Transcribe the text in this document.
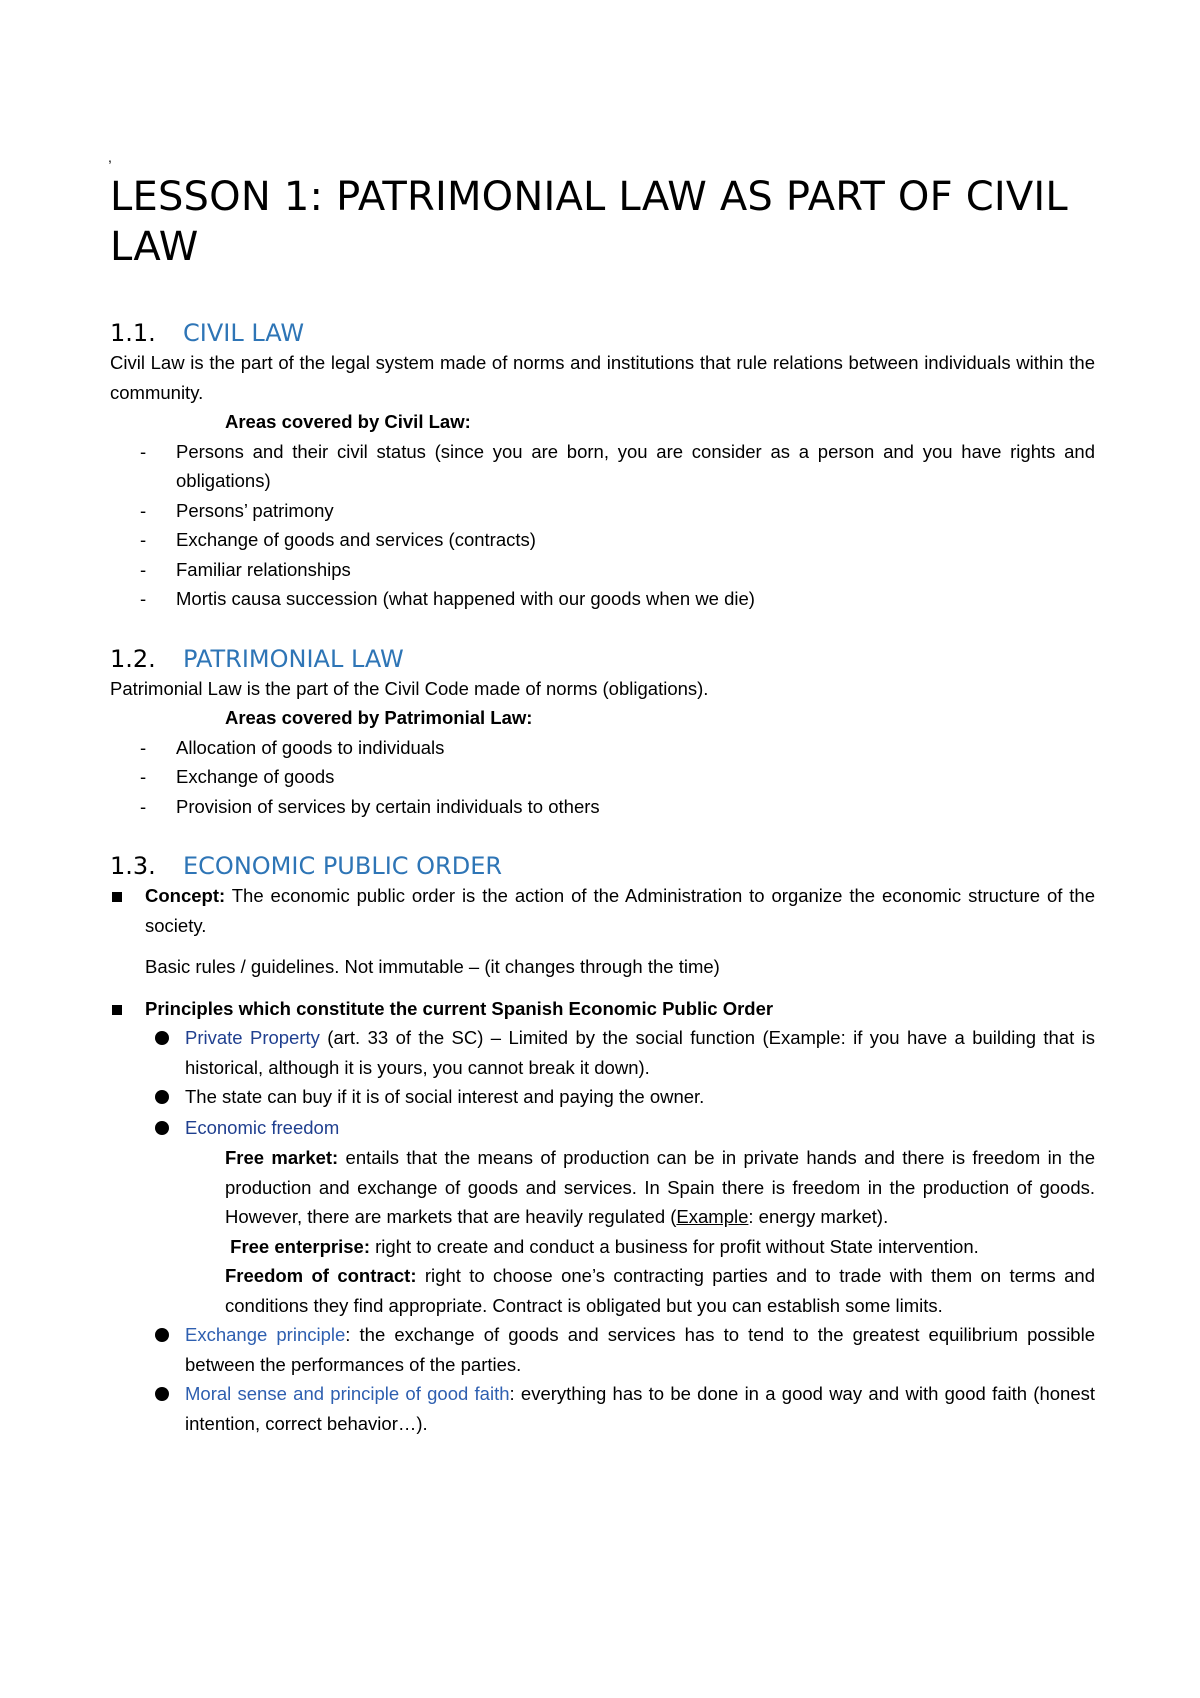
,
LESSON 1: PATRIMONIAL LAW AS PART OF CIVIL LAW
1.1.	CIVIL LAW

Civil Law is the part of the legal system made of norms and institutions that rule relations between individuals within the community.

Areas covered by Civil Law:
-	Persons and their civil status (since you are born, you are consider as a person and you have rights and obligations)
-	Persons’ patrimony
-	Exchange of goods and services (contracts)
-	Familiar relationships
-	Mortis causa succession (what happened with our goods when we die)
1.2.	PATRIMONIAL LAW

Patrimonial Law is the part of the Civil Code made of norms (obligations).

Areas covered by Patrimonial Law:
-	Allocation of goods to individuals
-	Exchange of goods
-	Provision of services by certain individuals to others
1.3.	ECONOMIC PUBLIC ORDER
Concept: The economic public order is the action of the Administration to organize the economic structure of the society.
Basic rules / guidelines. Not immutable – (it changes through the time)
Principles which constitute the current Spanish Economic Public Order
Private Property (art. 33 of the SC) – Limited by the social function (Example: if you have a building that is historical, although it is yours, you cannot break it down).
The state can buy if it is of social interest and paying the owner.
Economic freedom
Free market: entails that the means of production can be in private hands and there is freedom in the production and exchange of goods and services. In Spain there is freedom in the production of goods. However, there are markets that are heavily regulated (Example: energy market).
Free enterprise: right to create and conduct a business for profit without State intervention.
Freedom of contract: right to choose one’s contracting parties and to trade with them on terms and conditions they find appropriate. Contract is obligated but you can establish some limits.
Exchange principle: the exchange of goods and services has to tend to the greatest equilibrium possible between the performances of the parties.
Moral sense and principle of good faith: everything has to be done in a good way and with good faith (honest intention, correct behavior…).
